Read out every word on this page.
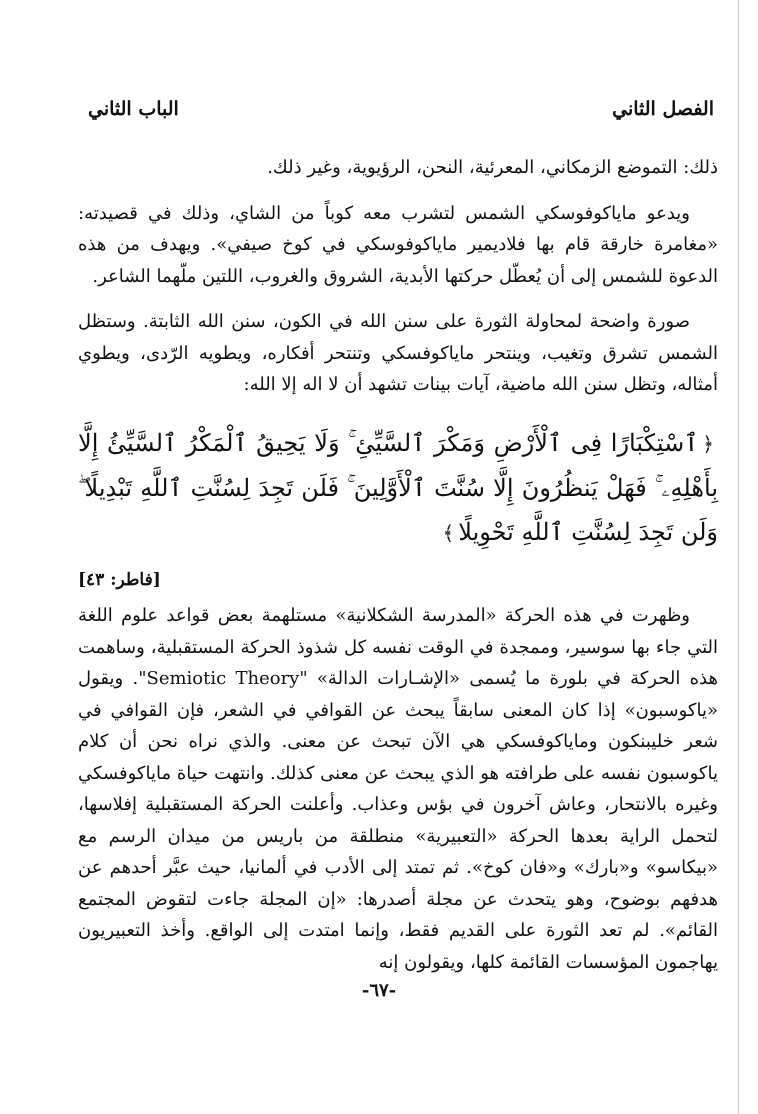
الفصل الثاني
الباب الثاني

ذلك: التموضع الزمكاني، المعرئية، النحن، الرؤيوية، وغير ذلك.

ويدعو ماياكوفوسكي الشمس لتشرب معه كوباً من الشاي، وذلك في قصيدته: «مغامرة خارقة قام بها فلاديمير ماياكوفوسكي في كوخ صيفي». ويهدف من هذه الدعوة للشمس إلى أن يُعطّل حركتها الأبدية، الشروق والغروب، اللتين ملّهما الشاعر.

صورة واضحة لمحاولة الثورة على سنن الله في الكون، سنن الله الثابتة. وستظل الشمس تشرق وتغيب، وينتحر ماياكوفسكي وتنتحر أفكاره، ويطويه الرّدى، ويطوي أمثاله، وتظل سنن الله ماضية، آيات بينات تشهد أن لا اله إلا الله:

﴿ٱسْتِكْبَارًا فِى ٱلْأَرْضِ وَمَكْرَ ٱلسَّيِّئِ ۚ وَلَا يَحِيقُ ٱلْمَكْرُ ٱلسَّيِّئُ إِلَّا بِأَهْلِهِۦ ۚ فَهَلْ يَنظُرُونَ إِلَّا سُنَّتَ ٱلْأَوَّلِينَ ۚ فَلَن تَجِدَ لِسُنَّتِ ٱللَّهِ تَبْدِيلًا ۖ وَلَن تَجِدَ لِسُنَّتِ ٱللَّهِ تَحْوِيلًا﴾

[فاطر: ٤٣]

وظهرت في هذه الحركة «المدرسة الشكلانية» مستلهمة بعض قواعد علوم اللغة التي جاء بها سوسير، وممجدة في الوقت نفسه كل شذوذ الحركة المستقبلية، وساهمت هذه الحركة في بلورة ما يُسمى «الإشـارات الدالة» "Semiotic Theory". ويقول «ياكوسبون» إذا كان المعنى سابقاً يبحث عن القوافي في الشعر، فإن القوافي في شعر خليبنكون وماياكوفسكي هي الآن تبحث عن معنى. والذي نراه نحن أن كلام ياكوسبون نفسه على طرافته هو الذي يبحث عن معنى كذلك. وانتهت حياة ماياكوفسكي وغيره بالانتحار، وعاش آخرون في بؤس وعذاب. وأعلنت الحركة المستقبلية إفلاسها، لتحمل الراية بعدها الحركة «التعبيرية» منطلقة من باريس من ميدان الرسم مع «بيكاسو» و«بارك» و«فان كوخ». ثم تمتد إلى الأدب في ألمانيا، حيث عبَّر أحدهم عن هدفهم بوضوح، وهو يتحدث عن مجلة أصدرها: «إن المجلة جاءت لتقوض المجتمع القائم». لم تعد الثورة على القديم فقط، وإنما امتدت إلى الواقع. وأخذ التعبيريون يهاجمون المؤسسات القائمة كلها، ويقولون إنه

-٦٧-
